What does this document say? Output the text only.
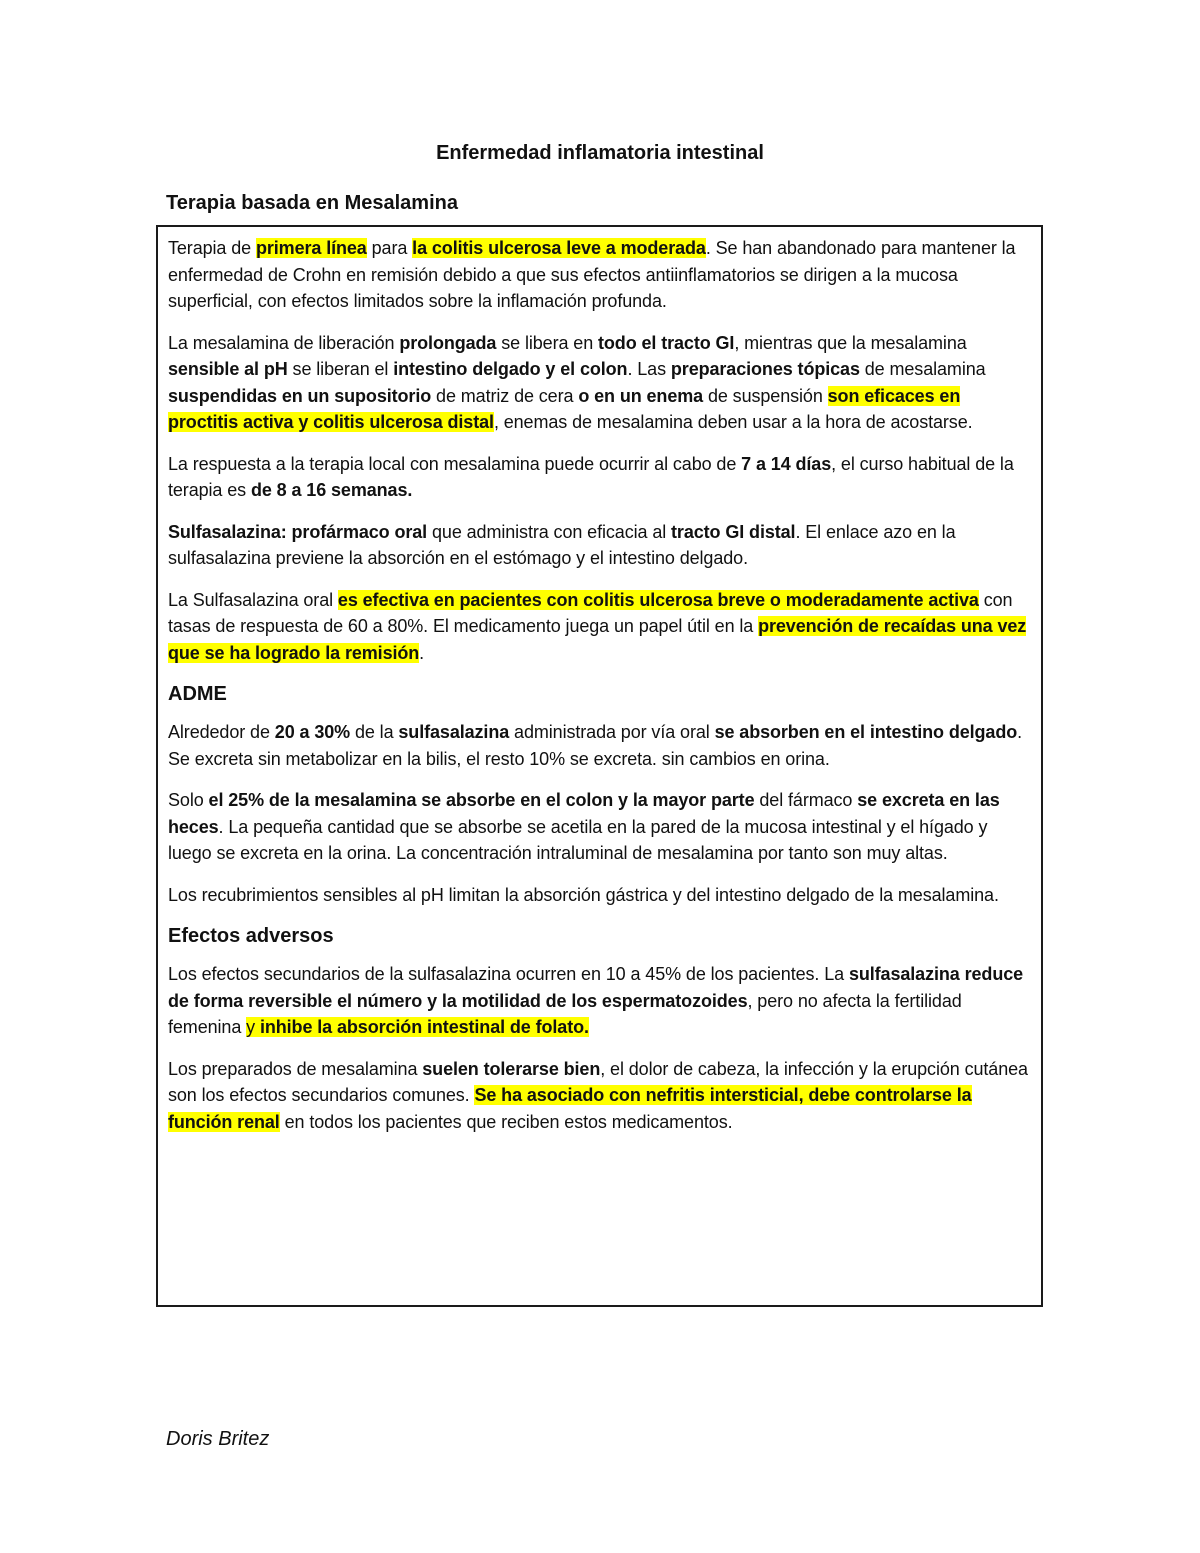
Enfermedad inflamatoria intestinal
Terapia basada en Mesalamina

Terapia de primera línea para la colitis ulcerosa leve a moderada. Se han abandonado para mantener la enfermedad de Crohn en remisión debido a que sus efectos antiinflamatorios se dirigen a la mucosa superficial, con efectos limitados sobre la inflamación profunda.

La mesalamina de liberación prolongada se libera en todo el tracto GI, mientras que la mesalamina sensible al pH se liberan el intestino delgado y el colon. Las preparaciones tópicas de mesalamina suspendidas en un supositorio de matriz de cera o en un enema de suspensión son eficaces en proctitis activa y colitis ulcerosa distal, enemas de mesalamina deben usar a la hora de acostarse.

La respuesta a la terapia local con mesalamina puede ocurrir al cabo de 7 a 14 días, el curso habitual de la terapia es de 8 a 16 semanas.

Sulfasalazina: profármaco oral que administra con eficacia al tracto GI distal. El enlace azo en la sulfasalazina previene la absorción en el estómago y el intestino delgado.

La Sulfasalazina oral es efectiva en pacientes con colitis ulcerosa breve o moderadamente activa con tasas de respuesta de 60 a 80%. El medicamento juega un papel útil en la prevención de recaídas una vez que se ha logrado la remisión.

ADME

Alrededor de 20 a 30% de la sulfasalazina administrada por vía oral se absorben en el intestino delgado. Se excreta sin metabolizar en la bilis, el resto 10% se excreta. sin cambios en orina.

Solo el 25% de la mesalamina se absorbe en el colon y la mayor parte del fármaco se excreta en las heces. La pequeña cantidad que se absorbe se acetila en la pared de la mucosa intestinal y el hígado y luego se excreta en la orina. La concentración intraluminal de mesalamina por tanto son muy altas.

Los recubrimientos sensibles al pH limitan la absorción gástrica y del intestino delgado de la mesalamina.

Efectos adversos

Los efectos secundarios de la sulfasalazina ocurren en 10 a 45% de los pacientes. La sulfasalazina reduce de forma reversible el número y la motilidad de los espermatozoides, pero no afecta la fertilidad femenina y inhibe la absorción intestinal de folato.

Los preparados de mesalamina suelen tolerarse bien, el dolor de cabeza, la infección y la erupción cutánea son los efectos secundarios comunes. Se ha asociado con nefritis intersticial, debe controlarse la función renal en todos los pacientes que reciben estos medicamentos.

Doris Britez
